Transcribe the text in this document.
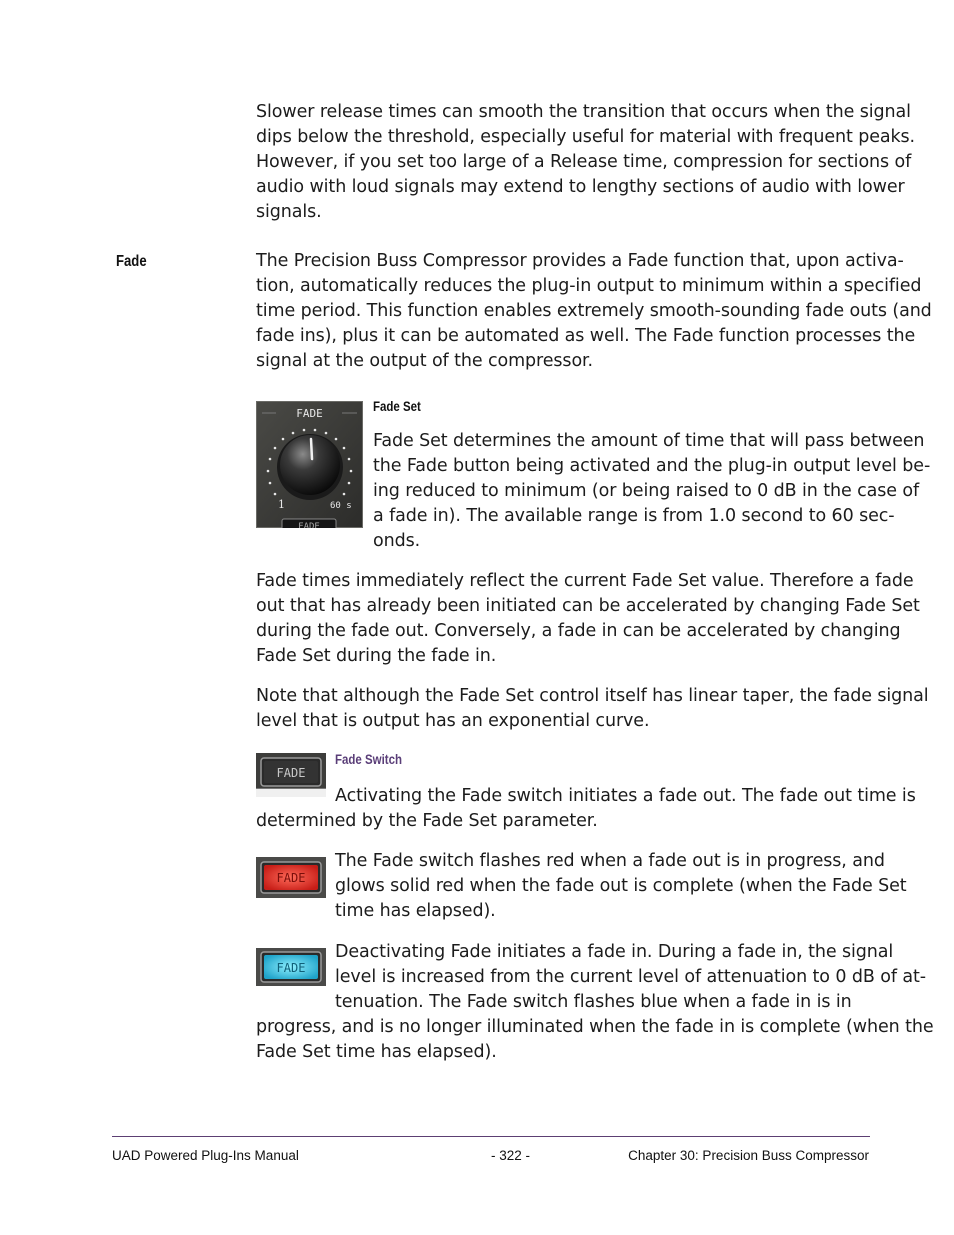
Slower release times can smooth the transition that occurs when the signal
dips below the threshold, especially useful for material with frequent peaks.
However, if you set too large of a Release time, compression for sections of
audio with loud signals may extend to lengthy sections of audio with lower
signals.
Fade	The Precision Buss Compressor provides a Fade function that, upon activa-
tion, automatically reduces the plug-in output to minimum within a specified
time period. This function enables extremely smooth-sounding fade outs (and
fade ins), plus it can be automated as well. The Fade function processes the
signal at the output of the compressor.
FADE
1	60 s
FADE
Fade Set
Fade Set determines the amount of time that will pass between
the Fade button being activated and the plug-in output level be-
ing reduced to minimum (or being raised to 0 dB in the case of
a fade in). The available range is from 1.0 second to 60 sec-
onds.
Fade times immediately reflect the current Fade Set value. Therefore a fade
out that has already been initiated can be accelerated by changing Fade Set
during the fade out. Conversely, a fade in can be accelerated by changing
Fade Set during the fade in.
Note that although the Fade Set control itself has linear taper, the fade signal
level that is output has an exponential curve.
FADE
Fade Switch
Activating the Fade switch initiates a fade out. The fade out time is
determined by the Fade Set parameter.
FADE
The Fade switch flashes red when a fade out is in progress, and
glows solid red when the fade out is complete (when the Fade Set
time has elapsed).
FADE
Deactivating Fade initiates a fade in. During a fade in, the signal
level is increased from the current level of attenuation to 0 dB of at-
tenuation. The Fade switch flashes blue when a fade in is in
progress, and is no longer illuminated when the fade in is complete (when the
Fade Set time has elapsed).
UAD Powered Plug-Ins Manual	- 322 -	Chapter 30: Precision Buss Compressor
